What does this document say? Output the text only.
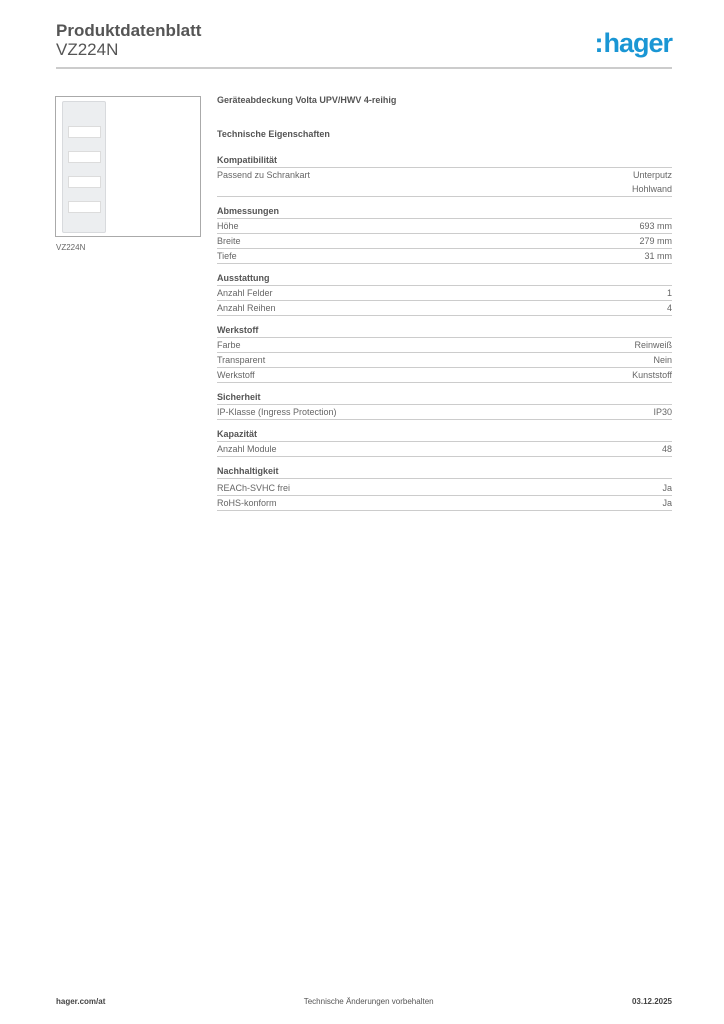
Produktdatenblatt
VZ224N	:hager
VZ224N
Geräteabdeckung Volta UPV/HWV 4-reihig
Technische Eigenschaften
Kompatibilität
Passend zu Schrankart	Unterputz
Hohlwand
Abmessungen
Höhe	693 mm
Breite	279 mm
Tiefe	31 mm
Ausstattung
Anzahl Felder	1
Anzahl Reihen	4
Werkstoff
Farbe	Reinweiß
Transparent	Nein
Werkstoff	Kunststoff
Sicherheit
IP-Klasse (Ingress Protection)	IP30
Kapazität
Anzahl Module	48
Nachhaltigkeit
REACh-SVHC frei	Ja
RoHS-konform	Ja
hager.com/at	Technische Änderungen vorbehalten	03.12.2025
